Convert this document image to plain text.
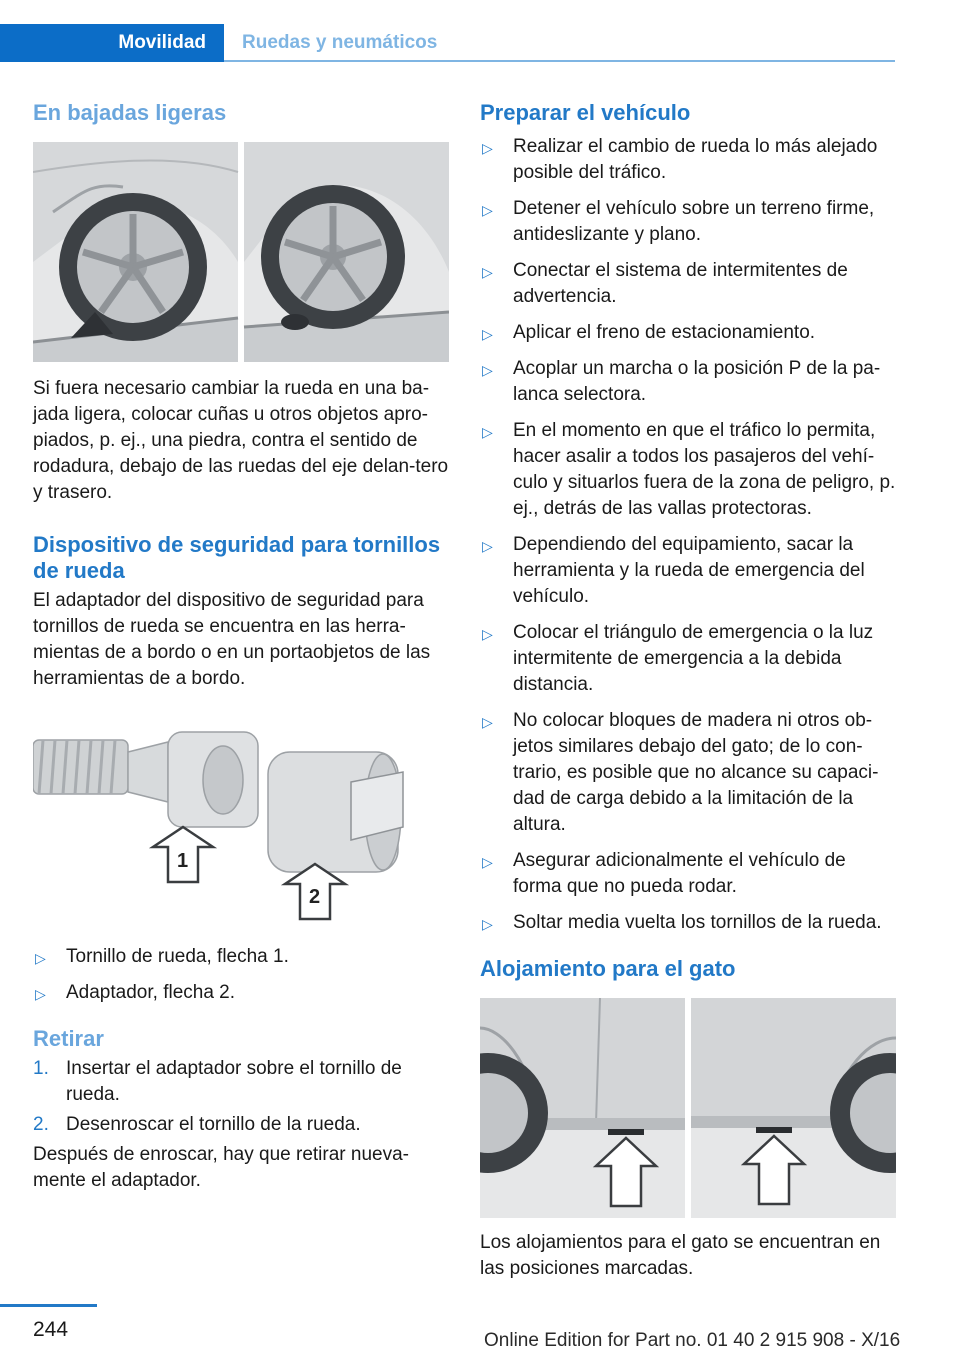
Movilidad	Ruedas y neumáticos
En bajadas ligeras

Si fuera necesario cambiar la rueda en una ba-jada ligera, colocar cuñas u otros objetos apro-piados, p. ej., una piedra, contra el sentido de rodadura, debajo de las ruedas del eje delan-tero y trasero.

Dispositivo de seguridad para tornillos de rueda

El adaptador del dispositivo de seguridad para tornillos de rueda se encuentra en las herra-mientas de a bordo o en un portaobjetos de las herramientas de a bordo.

1
2
▷ Tornillo de rueda, flecha 1.
▷ Adaptador, flecha 2.
Retirar
1. Insertar el adaptador sobre el tornillo de rueda.
2. Desenroscar el tornillo de la rueda.

Después de enroscar, hay que retirar nueva-mente el adaptador.

Preparar el vehículo
▷ Realizar el cambio de rueda lo más alejado posible del tráfico.
▷ Detener el vehículo sobre un terreno firme, antideslizante y plano.
▷ Conectar el sistema de intermitentes de advertencia.
▷ Aplicar el freno de estacionamiento.
▷ Acoplar un marcha o la posición P de la pa-lanca selectora.
▷ En el momento en que el tráfico lo permita, hacer asalir a todos los pasajeros del vehí-culo y situarlos fuera de la zona de peligro, p. ej., detrás de las vallas protectoras.
▷ Dependiendo del equipamiento, sacar la herramienta y la rueda de emergencia del vehículo.
▷ Colocar el triángulo de emergencia o la luz intermitente de emergencia a la debida distancia.
▷ No colocar bloques de madera ni otros ob-jetos similares debajo del gato; de lo con-trario, es posible que no alcance su capaci-dad de carga debido a la limitación de la altura.
▷ Asegurar adicionalmente el vehículo de forma que no pueda rodar.
▷ Soltar media vuelta los tornillos de la rueda.
Alojamiento para el gato

Los alojamientos para el gato se encuentran en las posiciones marcadas.

244	Online Edition for Part no. 01 40 2 915 908 - X/16
